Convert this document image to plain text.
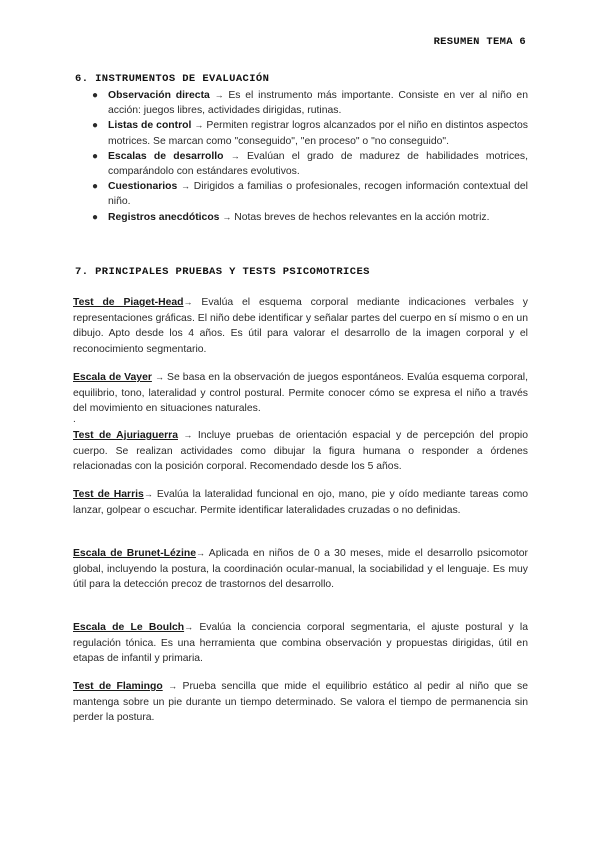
RESUMEN TEMA 6
6. INSTRUMENTOS DE EVALUACIÓN
● Observación directa → Es el instrumento más importante. Consiste en ver al niño en acción: juegos libres, actividades dirigidas, rutinas.
● Listas de control → Permiten registrar logros alcanzados por el niño en distintos aspectos motrices. Se marcan como "conseguido", "en proceso" o "no conseguido".
● Escalas de desarrollo → Evalúan el grado de madurez de habilidades motrices, comparándolo con estándares evolutivos.
● Cuestionarios → Dirigidos a familias o profesionales, recogen información contextual del niño.
● Registros anecdóticos → Notas breves de hechos relevantes en la acción motriz.
7. PRINCIPALES PRUEBAS Y TESTS PSICOMOTRICES

Test de Piaget-Head→ Evalúa el esquema corporal mediante indicaciones verbales y representaciones gráficas. El niño debe identificar y señalar partes del cuerpo en sí mismo o en un dibujo. Apto desde los 4 años. Es útil para valorar el desarrollo de la imagen corporal y el reconocimiento segmentario.

Escala de Vayer → Se basa en la observación de juegos espontáneos. Evalúa esquema corporal, equilibrio, tono, lateralidad y control postural. Permite conocer cómo se expresa el niño a través del movimiento en situaciones naturales.

.

Test de Ajuriaguerra → Incluye pruebas de orientación espacial y de percepción del propio cuerpo. Se realizan actividades como dibujar la figura humana o responder a órdenes relacionadas con la posición corporal. Recomendado desde los 5 años.

Test de Harris→ Evalúa la lateralidad funcional en ojo, mano, pie y oído mediante tareas como lanzar, golpear o escuchar. Permite identificar lateralidades cruzadas o no definidas.

Escala de Brunet-Lézine→ Aplicada en niños de 0 a 30 meses, mide el desarrollo psicomotor global, incluyendo la postura, la coordinación ocular-manual, la sociabilidad y el lenguaje. Es muy útil para la detección precoz de trastornos del desarrollo.

Escala de Le Boulch→ Evalúa la conciencia corporal segmentaria, el ajuste postural y la regulación tónica. Es una herramienta que combina observación y propuestas dirigidas, útil en etapas de infantil y primaria.

Test de Flamingo → Prueba sencilla que mide el equilibrio estático al pedir al niño que se mantenga sobre un pie durante un tiempo determinado. Se valora el tiempo de permanencia sin perder la postura.
